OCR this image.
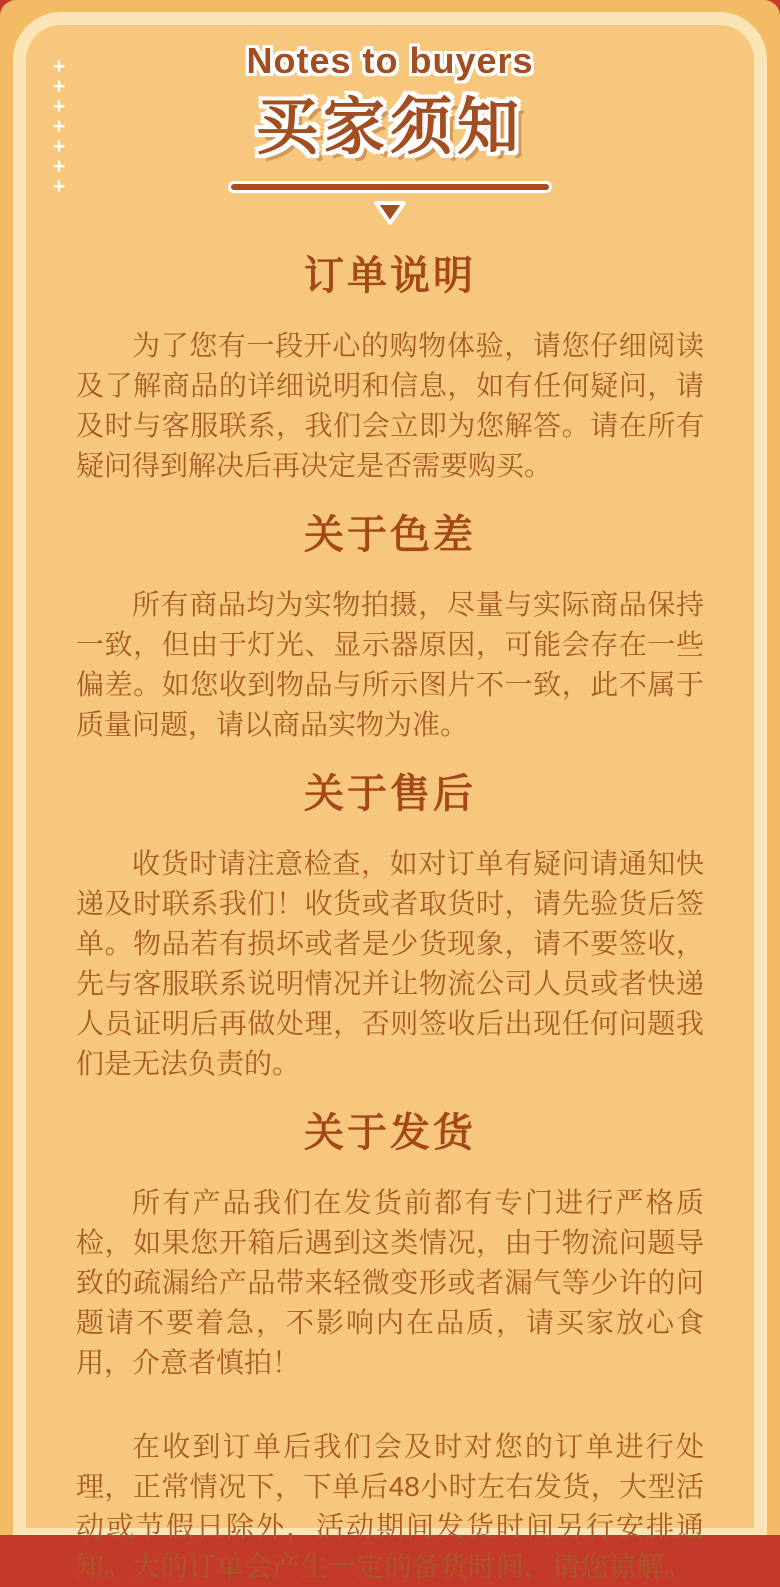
+
+
+
+
+
+
+
Notes to buyers
买家须知
订单说明

为了您有一段开心的购物体验，请您仔细阅读及了解商品的详细说明和信息，如有任何疑问，请及时与客服联系，我们会立即为您解答。请在所有疑问得到解决后再决定是否需要购买。

关于色差

所有商品均为实物拍摄，尽量与实际商品保持一致，但由于灯光、显示器原因，可能会存在一些偏差。如您收到物品与所示图片不一致，此不属于质量问题，请以商品实物为准。

关于售后

收货时请注意检查，如对订单有疑问请通知快递及时联系我们！收货或者取货时，请先验货后签单。物品若有损坏或者是少货现象，请不要签收，先与客服联系说明情况并让物流公司人员或者快递人员证明后再做处理，否则签收后出现任何问题我们是无法负责的。

关于发货

所有产品我们在发货前都有专门进行严格质检，如果您开箱后遇到这类情况，由于物流问题导致的疏漏给产品带来轻微变形或者漏气等少许的问题请不要着急，不影响内在品质，请买家放心食用，介意者慎拍！

在收到订单后我们会及时对您的订单进行处理，正常情况下，下单后48小时左右发货，大型活动或节假日除外，活动期间发货时间另行安排通知。大的订单会产生一定的备货时间，请您谅解。
